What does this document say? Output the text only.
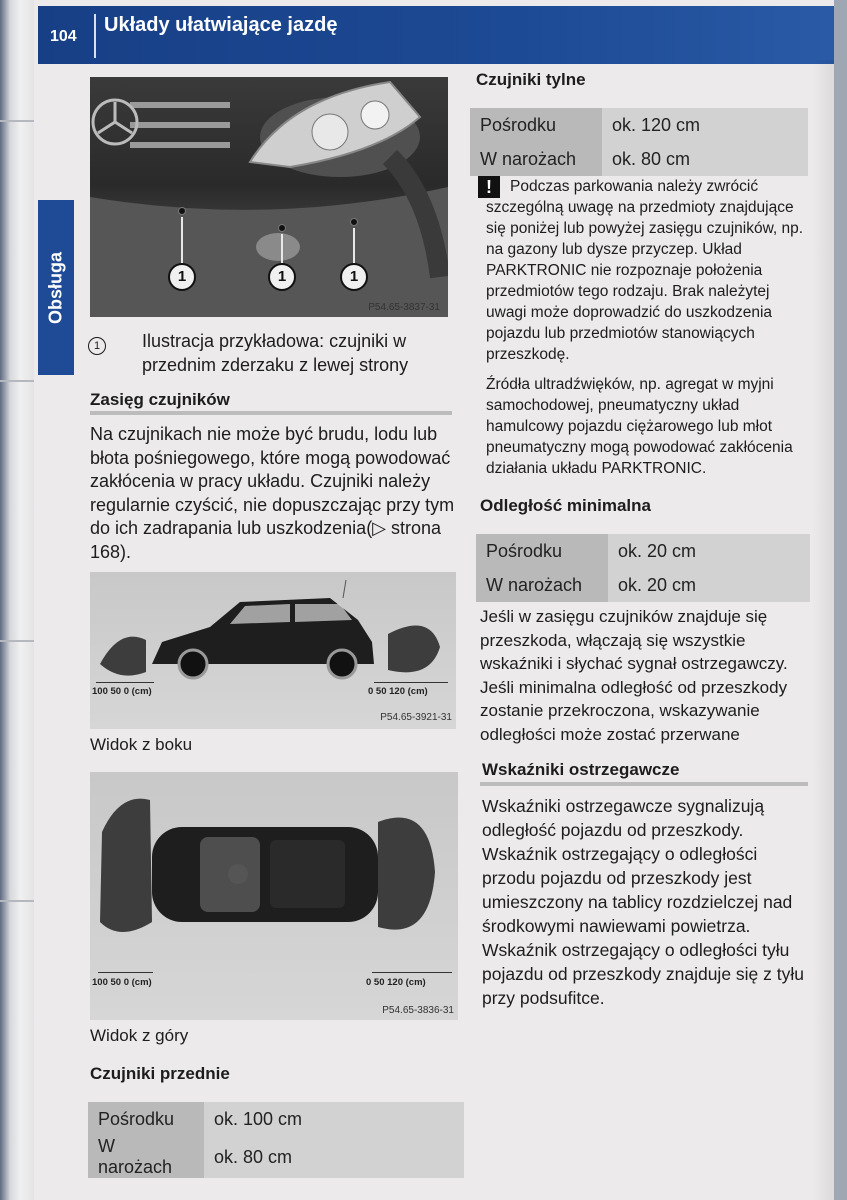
104
Układy ułatwiające jazdę
Obsługa	1	1	1
P54.65-3837-31
1	Ilustracja przykładowa: czujniki w przednim zderzaku z lewej strony
Zasięg czujników
Na czujnikach nie może być brudu, lodu lub błota pośniegowego, które mogą powodować zakłócenia w pracy układu. Czujniki należy regularnie czyścić, nie dopuszczając przy tym do ich zadrapania lub uszkodzenia(▷ strona 168).
100 50 0 (cm)	0 50 120 (cm)
P54.65-3921-31
Widok z boku
100 50 0 (cm)	0 50 120 (cm)
P54.65-3836-31
Widok z góry
Czujniki przednie
Pośrodku	ok. 100 cm
W narożach	ok. 80 cm
Czujniki tylne
Pośrodku	ok. 120 cm
W narożach	ok. 80 cm
!	Podczas parkowania należy zwrócić szczególną uwagę na przedmioty znajdujące się poniżej lub powyżej zasięgu czujników, np. na gazony lub dysze przyczep. Układ PARKTRONIC nie rozpoznaje położenia przedmiotów tego rodzaju. Brak należytej uwagi może doprowadzić do uszkodzenia pojazdu lub przedmiotów stanowiących przeszkodę.
Źródła ultradźwięków, np. agregat w myjni samochodowej, pneumatyczny układ hamulcowy pojazdu ciężarowego lub młot pneumatyczny mogą powodować zakłócenia działania układu PARKTRONIC.
Odległość minimalna
Pośrodku	ok. 20 cm
W narożach	ok. 20 cm
Jeśli w zasięgu czujników znajduje się przeszkoda, włączają się wszystkie wskaźniki i słychać sygnał ostrzegawczy. Jeśli minimalna odległość od przeszkody zostanie przekroczona, wskazywanie odległości może zostać przerwane
Wskaźniki ostrzegawcze
Wskaźniki ostrzegawcze sygnalizują odległość pojazdu od przeszkody. Wskaźnik ostrzegający o odległości przodu pojazdu od przeszkody jest umieszczony na tablicy rozdzielczej nad środkowymi nawiewami powietrza. Wskaźnik ostrzegający o odległości tyłu pojazdu od przeszkody znajduje się z tyłu przy podsufitce.
